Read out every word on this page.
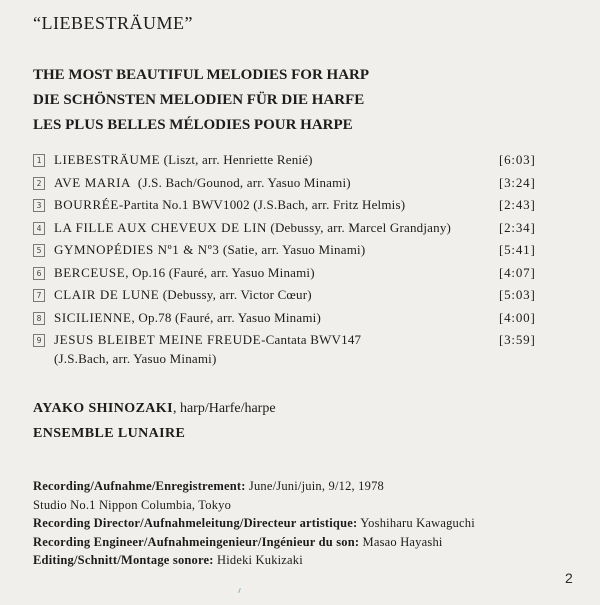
“LIEBESTRÄUME”
THE MOST BEAUTIFUL MELODIES FOR HARP
DIE SCHÖNSTEN MELODIEN FÜR DIE HARFE
LES PLUS BELLES MÉLODIES POUR HARPE
1 LIEBESTRÄUME (Liszt, arr. Henriette Renié)	[6:03]
2 AVE MARIA  (J.S. Bach/Gounod, arr. Yasuo Minami)	[3:24]
3 BOURRÉE-Partita No.1 BWV1002 (J.S.Bach, arr. Fritz Helmis)	[2:43]
4 LA FILLE AUX CHEVEUX DE LIN (Debussy, arr. Marcel Grandjany)	[2:34]
5 GYMNOPÉDIES Nº1 & Nº3 (Satie, arr. Yasuo Minami)	[5:41]
6 BERCEUSE, Op.16 (Fauré, arr. Yasuo Minami)	[4:07]
7 CLAIR DE LUNE (Debussy, arr. Victor Cœur)	[5:03]
8 SICILIENNE, Op.78 (Fauré, arr. Yasuo Minami)	[4:00]
9 JESUS BLEIBET MEINE FREUDE-Cantata BWV147	[3:59]
(J.S.Bach, arr. Yasuo Minami)
AYAKO SHINOZAKI, harp/Harfe/harpe
ENSEMBLE LUNAIRE
Recording/Aufnahme/Enregistrement: June/Juni/juin, 9/12, 1978
Studio No.1 Nippon Columbia, Tokyo
Recording Director/Aufnahmeleitung/Directeur artistique: Yoshiharu Kawaguchi
Recording Engineer/Aufnahmeingenieur/Ingénieur du son: Masao Hayashi
Editing/Schnitt/Montage sonore: Hideki Kukizaki
2
